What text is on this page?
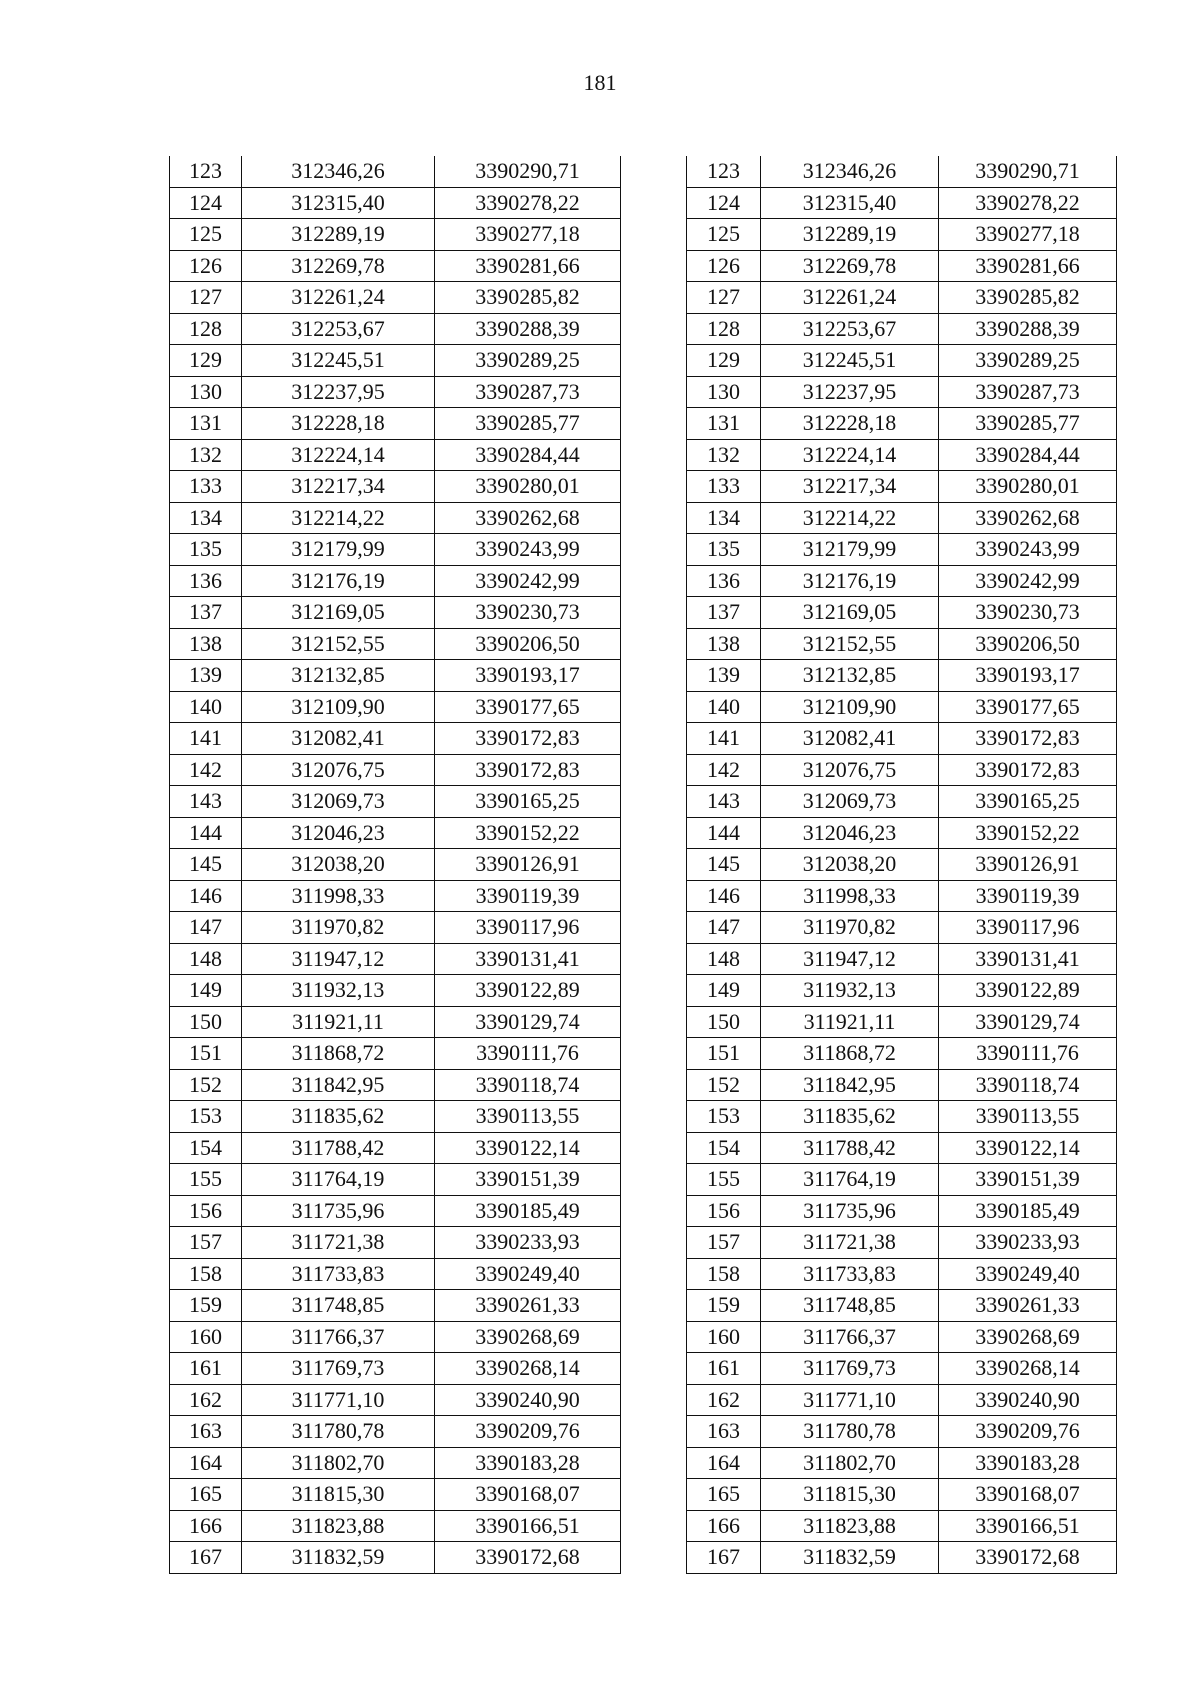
181
123	312346,26	3390290,71
124	312315,40	3390278,22
125	312289,19	3390277,18
126	312269,78	3390281,66
127	312261,24	3390285,82
128	312253,67	3390288,39
129	312245,51	3390289,25
130	312237,95	3390287,73
131	312228,18	3390285,77
132	312224,14	3390284,44
133	312217,34	3390280,01
134	312214,22	3390262,68
135	312179,99	3390243,99
136	312176,19	3390242,99
137	312169,05	3390230,73
138	312152,55	3390206,50
139	312132,85	3390193,17
140	312109,90	3390177,65
141	312082,41	3390172,83
142	312076,75	3390172,83
143	312069,73	3390165,25
144	312046,23	3390152,22
145	312038,20	3390126,91
146	311998,33	3390119,39
147	311970,82	3390117,96
148	311947,12	3390131,41
149	311932,13	3390122,89
150	311921,11	3390129,74
151	311868,72	3390111,76
152	311842,95	3390118,74
153	311835,62	3390113,55
154	311788,42	3390122,14
155	311764,19	3390151,39
156	311735,96	3390185,49
157	311721,38	3390233,93
158	311733,83	3390249,40
159	311748,85	3390261,33
160	311766,37	3390268,69
161	311769,73	3390268,14
162	311771,10	3390240,90
163	311780,78	3390209,76
164	311802,70	3390183,28
165	311815,30	3390168,07
166	311823,88	3390166,51
167	311832,59	3390172,68
123	312346,26	3390290,71
124	312315,40	3390278,22
125	312289,19	3390277,18
126	312269,78	3390281,66
127	312261,24	3390285,82
128	312253,67	3390288,39
129	312245,51	3390289,25
130	312237,95	3390287,73
131	312228,18	3390285,77
132	312224,14	3390284,44
133	312217,34	3390280,01
134	312214,22	3390262,68
135	312179,99	3390243,99
136	312176,19	3390242,99
137	312169,05	3390230,73
138	312152,55	3390206,50
139	312132,85	3390193,17
140	312109,90	3390177,65
141	312082,41	3390172,83
142	312076,75	3390172,83
143	312069,73	3390165,25
144	312046,23	3390152,22
145	312038,20	3390126,91
146	311998,33	3390119,39
147	311970,82	3390117,96
148	311947,12	3390131,41
149	311932,13	3390122,89
150	311921,11	3390129,74
151	311868,72	3390111,76
152	311842,95	3390118,74
153	311835,62	3390113,55
154	311788,42	3390122,14
155	311764,19	3390151,39
156	311735,96	3390185,49
157	311721,38	3390233,93
158	311733,83	3390249,40
159	311748,85	3390261,33
160	311766,37	3390268,69
161	311769,73	3390268,14
162	311771,10	3390240,90
163	311780,78	3390209,76
164	311802,70	3390183,28
165	311815,30	3390168,07
166	311823,88	3390166,51
167	311832,59	3390172,68
